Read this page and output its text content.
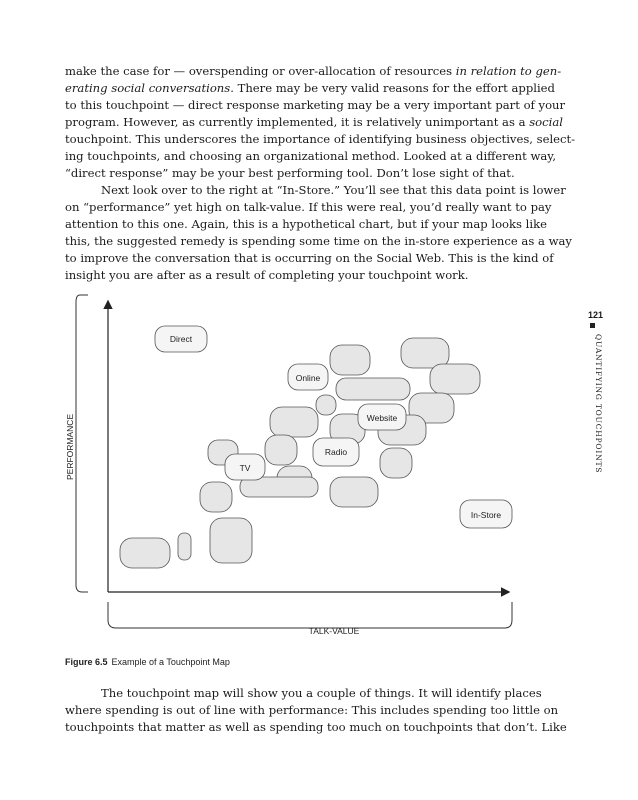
make the case for — overspending or over-allocation of resources in relation to gen-
erating social conversations. There may be very valid reasons for the effort applied
to this touchpoint — direct response marketing may be a very important part of your
program. However, as currently implemented, it is relatively unimportant as a social
touchpoint. This underscores the importance of identifying business objectives, select-
ing touchpoints, and choosing an organizational method. Looked at a different way,
“direct response” may be your best performing tool. Don’t lose sight of that.
Next look over to the right at “In-Store.” You’ll see that this data point is lower
on “performance” yet high on talk-value. If this were real, you’d really want to pay
attention to this one. Again, this is a hypothetical chart, but if your map looks like
this, the suggested remedy is spending some time on the in-store experience as a way
to improve the conversation that is occurring on the Social Web. This is the kind of
insight you are after as a result of completing your touchpoint work.
PERFORMANCE
TALK-VALUE
Direct
Online
Website
Radio
TV
In-Store
Figure 6.5 Example of a Touchpoint Map
The touchpoint map will show you a couple of things. It will identify places
where spending is out of line with performance: This includes spending too little on
touchpoints that matter as well as spending too much on touchpoints that don’t. Like
121
QUANTIFYING TOUCHPOINTS
